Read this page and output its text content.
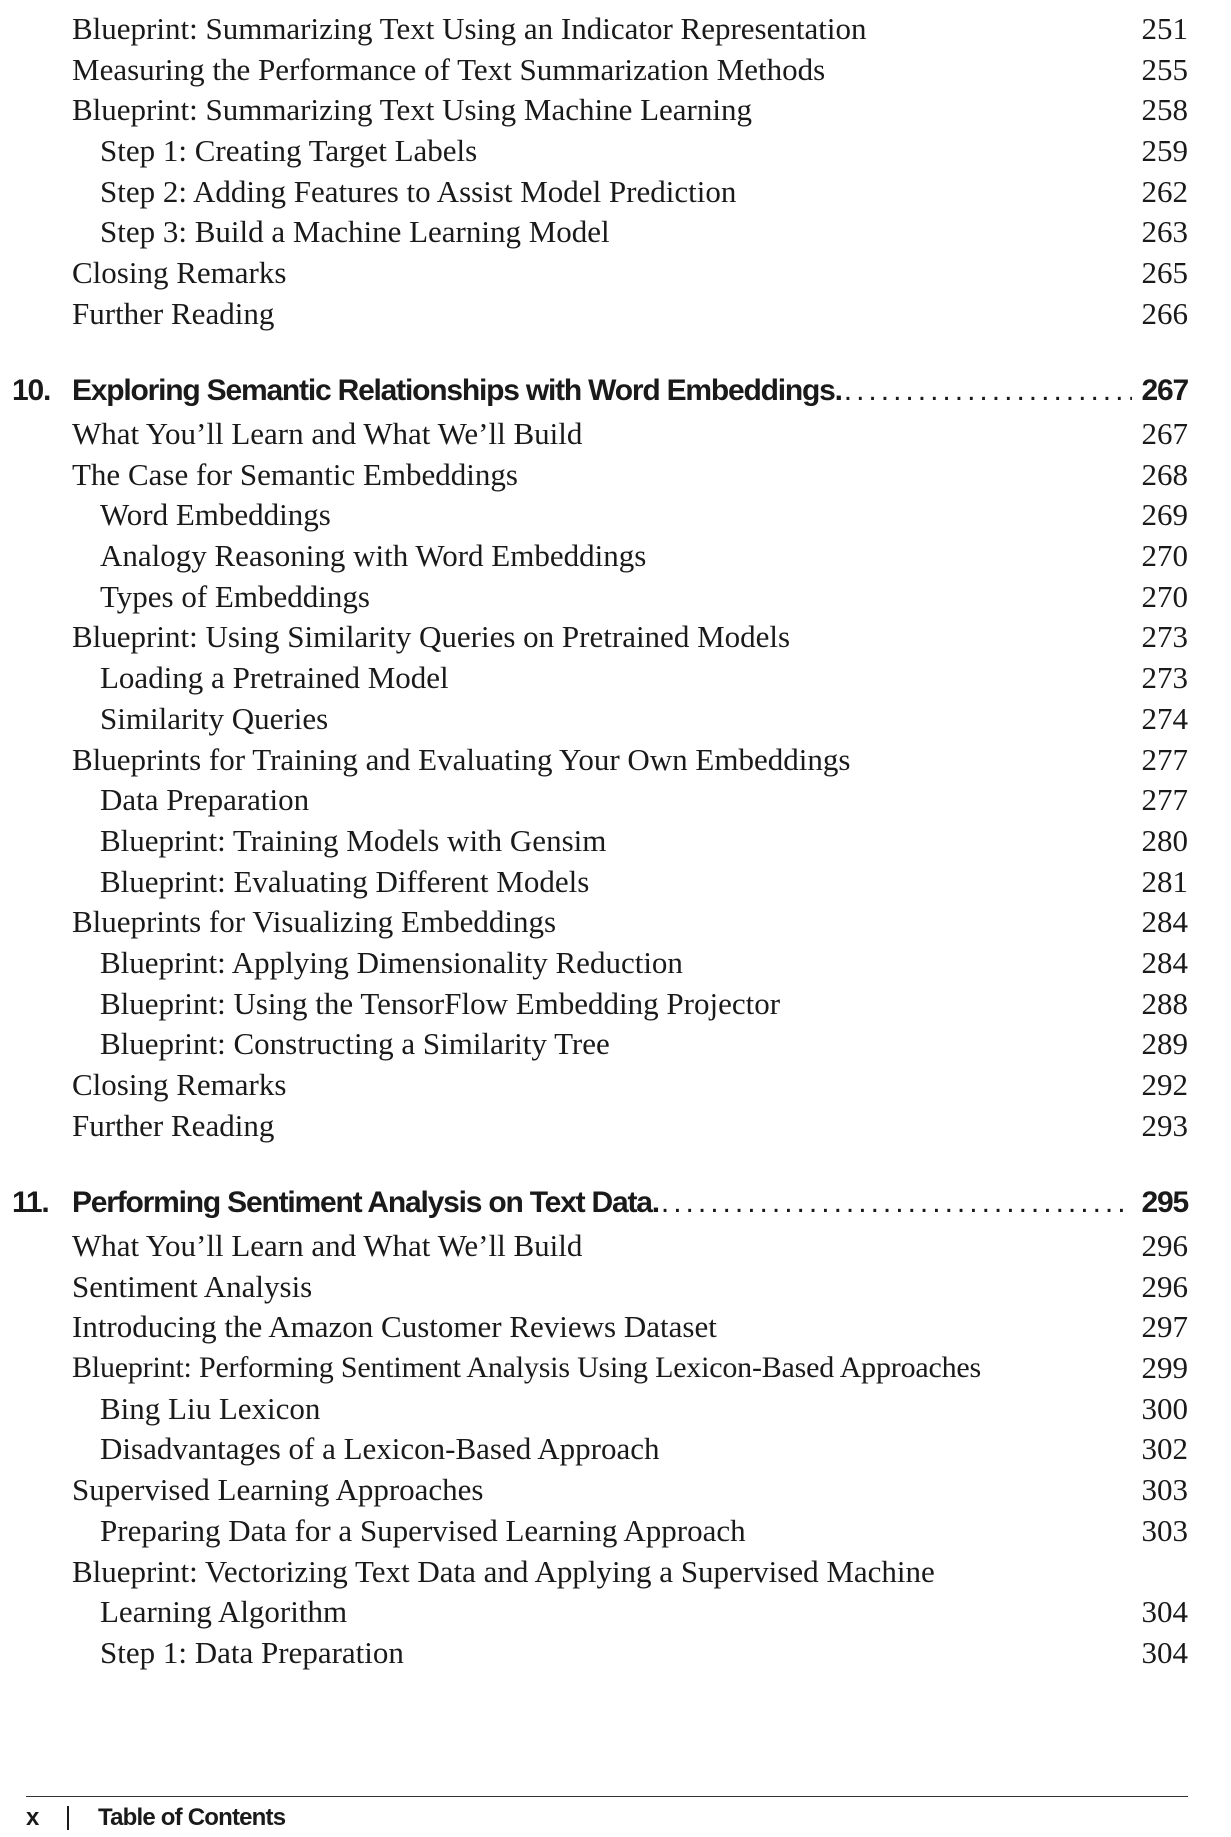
Blueprint: Summarizing Text Using an Indicator Representation	251
Measuring the Performance of Text Summarization Methods	255
Blueprint: Summarizing Text Using Machine Learning	258
Step 1: Creating Target Labels	259
Step 2: Adding Features to Assist Model Prediction	262
Step 3: Build a Machine Learning Model	263
Closing Remarks	265
Further Reading	266
10. Exploring Semantic Relationships with Word Embeddings. .....	267
What You’ll Learn and What We’ll Build	267
The Case for Semantic Embeddings	268
Word Embeddings	269
Analogy Reasoning with Word Embeddings	270
Types of Embeddings	270
Blueprint: Using Similarity Queries on Pretrained Models	273
Loading a Pretrained Model	273
Similarity Queries	274
Blueprints for Training and Evaluating Your Own Embeddings	277
Data Preparation	277
Blueprint: Training Models with Gensim	280
Blueprint: Evaluating Different Models	281
Blueprints for Visualizing Embeddings	284
Blueprint: Applying Dimensionality Reduction	284
Blueprint: Using the TensorFlow Embedding Projector	288
Blueprint: Constructing a Similarity Tree	289
Closing Remarks	292
Further Reading	293
11. Performing Sentiment Analysis on Text Data. .....	295
What You’ll Learn and What We’ll Build	296
Sentiment Analysis	296
Introducing the Amazon Customer Reviews Dataset	297
Blueprint: Performing Sentiment Analysis Using Lexicon-Based Approaches	299
Bing Liu Lexicon	300
Disadvantages of a Lexicon-Based Approach	302
Supervised Learning Approaches	303
Preparing Data for a Supervised Learning Approach	303
Blueprint: Vectorizing Text Data and Applying a Supervised Machine
Learning Algorithm	304
Step 1: Data Preparation	304
x Table of Contents
